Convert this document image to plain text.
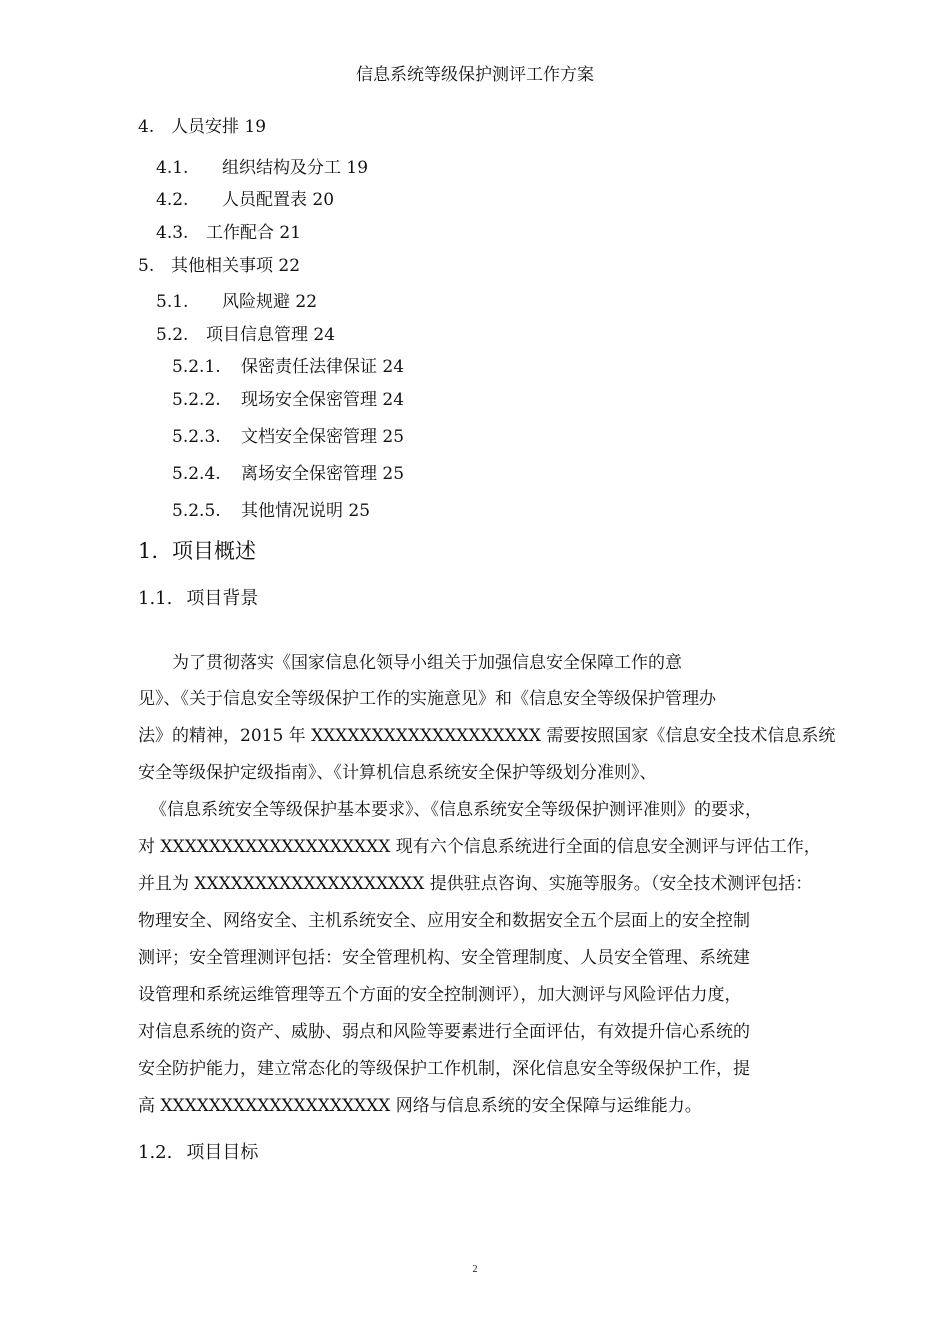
信息系统等级保护测评工作方案
4. 人员安排 19
4.1. 组织结构及分工 19
4.2. 人员配置表 20
4.3. 工作配合 21
5. 其他相关事项 22
5.1. 风险规避 22
5.2. 项目信息管理 24
5.2.1. 保密责任法律保证 24
5.2.2. 现场安全保密管理 24
5.2.3. 文档安全保密管理 25
5.2.4. 离场安全保密管理 25
5.2.5. 其他情况说明 25
1. 项目概述
1.1. 项目背景
为了贯彻落实《国家信息化领导小组关于加强信息安全保障工作的意
见》、《关于信息安全等级保护工作的实施意见》和《信息安全等级保护管理办
法》的精神，2015 年 XXXXXXXXXXXXXXXXXXX 需要按照国家《信息安全技术信息系统
安全等级保护定级指南》、《计算机信息系统安全保护等级划分准则》、
《信息系统安全等级保护基本要求》、《信息系统安全等级保护测评准则》的要求，
对 XXXXXXXXXXXXXXXXXXX 现有六个信息系统进行全面的信息安全测评与评估工作，
并且为 XXXXXXXXXXXXXXXXXXX 提供驻点咨询、实施等服务。（安全技术测评包括：
物理安全、网络安全、主机系统安全、应用安全和数据安全五个层面上的安全控制
测评；安全管理测评包括：安全管理机构、安全管理制度、人员安全管理、系统建
设管理和系统运维管理等五个方面的安全控制测评），加大测评与风险评估力度，
对信息系统的资产、威胁、弱点和风险等要素进行全面评估，有效提升信心系统的
安全防护能力，建立常态化的等级保护工作机制，深化信息安全等级保护工作，提
高 XXXXXXXXXXXXXXXXXXX 网络与信息系统的安全保障与运维能力。
1.2. 项目目标
2
